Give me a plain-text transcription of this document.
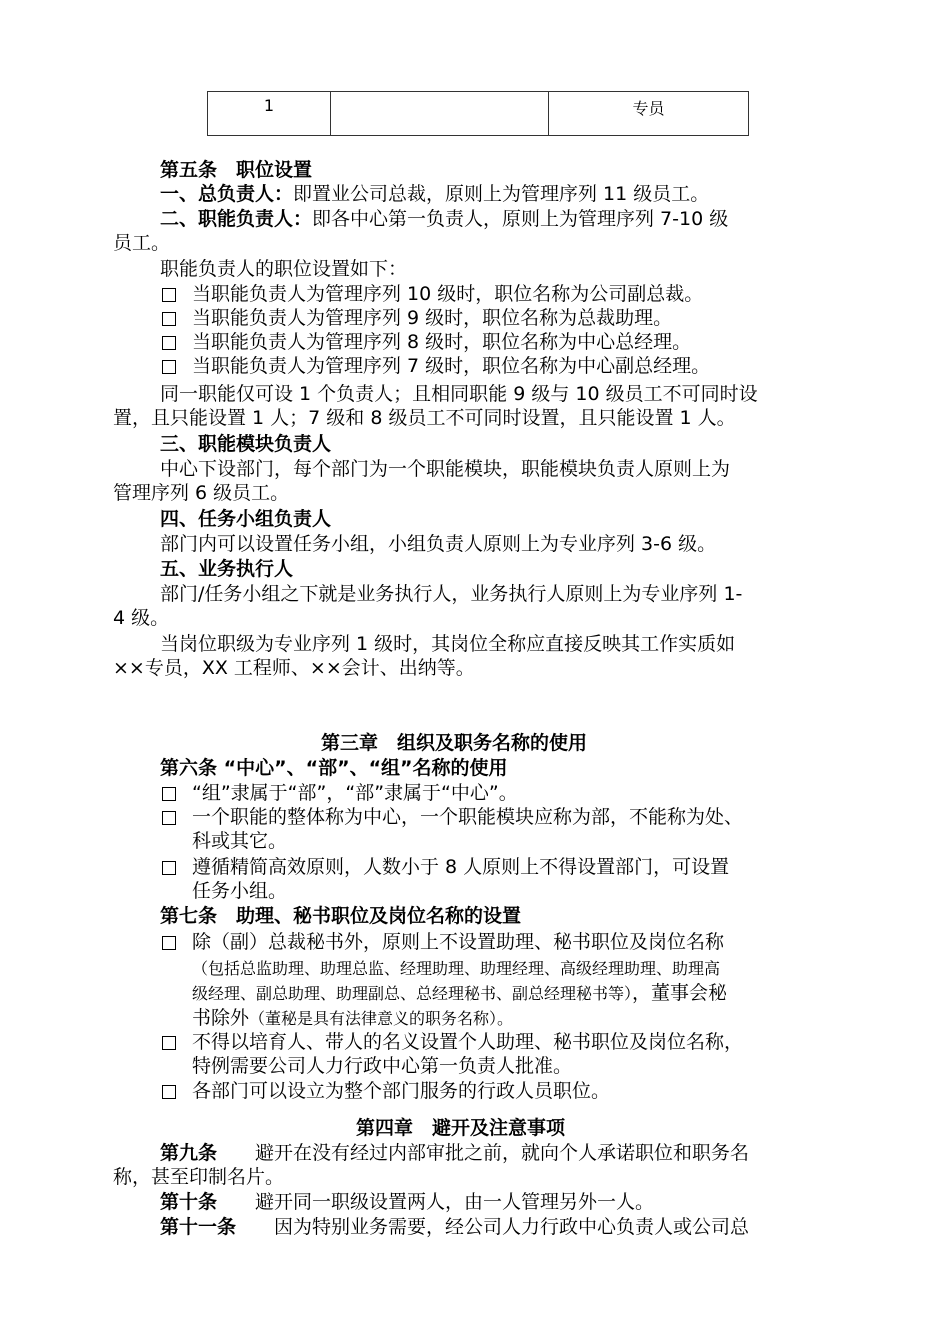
1		专员
第五条　职位设置
一、总负责人：即置业公司总裁，原则上为管理序列 11 级员工。
二、职能负责人：即各中心第一负责人，原则上为管理序列 7-10 级
员工。
职能负责人的职位设置如下：
当职能负责人为管理序列 10 级时，职位名称为公司副总裁。
当职能负责人为管理序列 9 级时，职位名称为总裁助理。
当职能负责人为管理序列 8 级时，职位名称为中心总经理。
当职能负责人为管理序列 7 级时，职位名称为中心副总经理。
同一职能仅可设 1 个负责人；且相同职能 9 级与 10 级员工不可同时设
置，且只能设置 1 人；7 级和 8 级员工不可同时设置，且只能设置 1 人。
三、职能模块负责人
中心下设部门，每个部门为一个职能模块，职能模块负责人原则上为
管理序列 6 级员工。
四、任务小组负责人
部门内可以设置任务小组，小组负责人原则上为专业序列 3-6 级。
五、业务执行人
部门/任务小组之下就是业务执行人，业务执行人原则上为专业序列 1-
4 级。
当岗位职级为专业序列 1 级时，其岗位全称应直接反映其工作实质如
××专员，XX 工程师、××会计、出纳等。
第三章　组织及职务名称的使用
第六条 “中心”、“部”、“组”名称的使用
“组”隶属于“部”，“部”隶属于“中心”。
一个职能的整体称为中心，一个职能模块应称为部，不能称为处、
科或其它。
遵循精简高效原则，人数小于 8 人原则上不得设置部门，可设置
任务小组。
第七条　助理、秘书职位及岗位名称的设置
除（副）总裁秘书外，原则上不设置助理、秘书职位及岗位名称
（包括总监助理、助理总监、经理助理、助理经理、高级经理助理、助理高
级经理、副总助理、助理副总、总经理秘书、副总经理秘书等），董事会秘
书除外（董秘是具有法律意义的职务名称）。
不得以培育人、带人的名义设置个人助理、秘书职位及岗位名称，
特例需要公司人力行政中心第一负责人批准。
各部门可以设立为整个部门服务的行政人员职位。
第四章　避开及注意事项
第九条 避开在没有经过内部审批之前，就向个人承诺职位和职务名
称，甚至印制名片。
第十条 避开同一职级设置两人，由一人管理另外一人。
第十一条 因为特别业务需要，经公司人力行政中心负责人或公司总
